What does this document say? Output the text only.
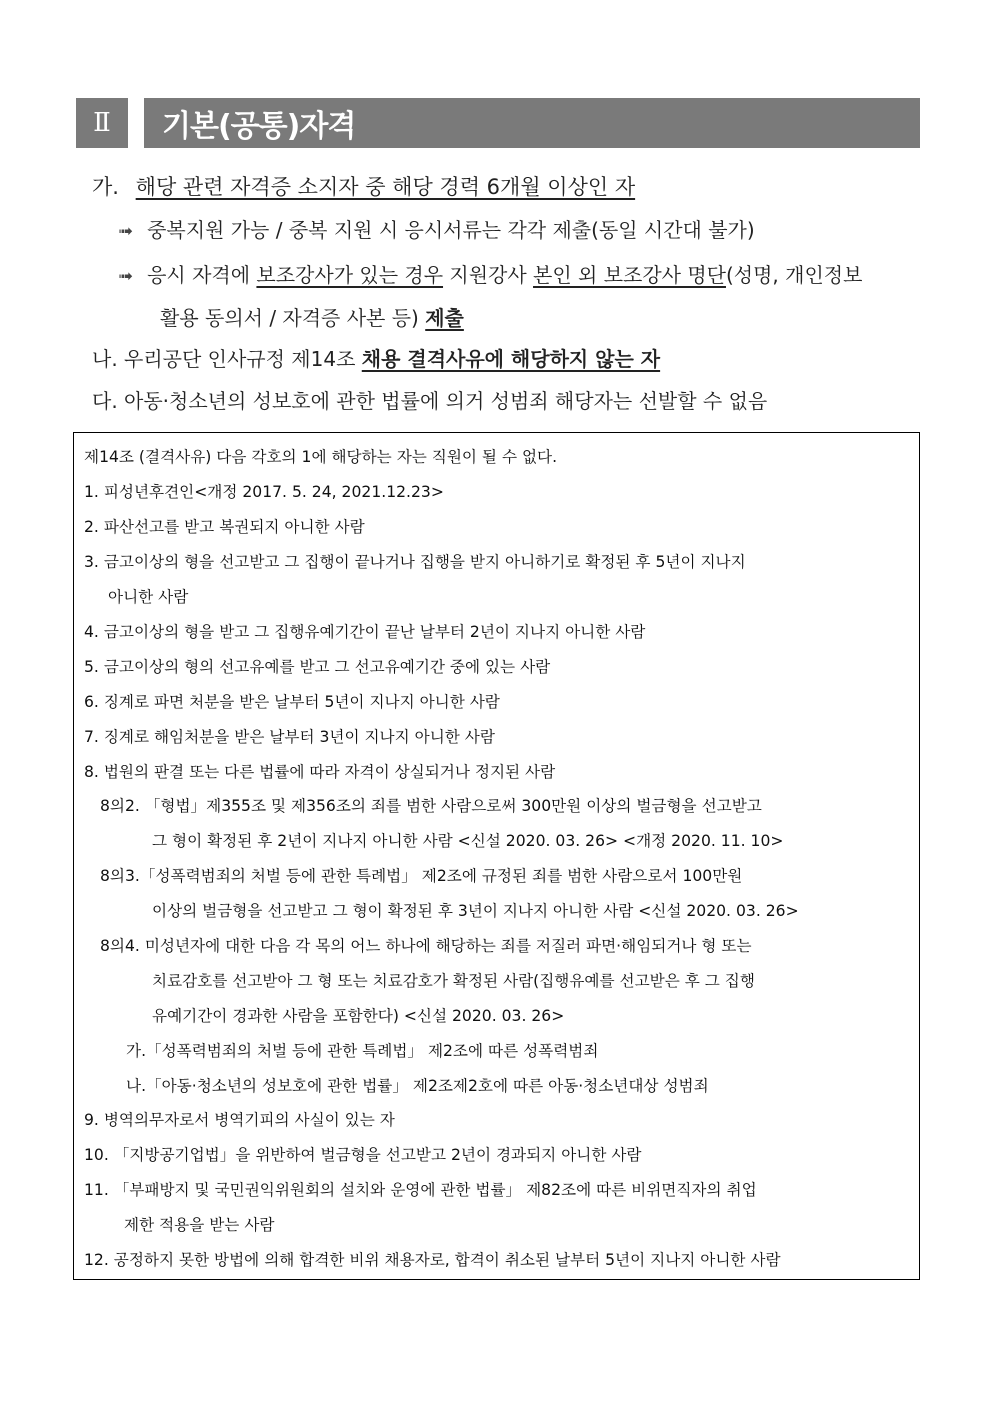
Ⅱ	기본(공통)자격
가. 해당 관련 자격증 소지자 중 해당 경력 6개월 이상인 자
➟ 중복지원 가능 / 중복 지원 시 응시서류는 각각 제출(동일 시간대 불가)
➟ 응시 자격에 보조강사가 있는 경우 지원강사 본인 외 보조강사 명단(성명, 개인정보
활용 동의서 / 자격증 사본 등) 제출
나. 우리공단 인사규정 제14조 채용 결격사유에 해당하지 않는 자
다. 아동·청소년의 성보호에 관한 법률에 의거 성범죄 해당자는 선발할 수 없음
제14조 (결격사유) 다음 각호의 1에 해당하는 자는 직원이 될 수 없다.
1. 피성년후견인<개정 2017. 5. 24, 2021.12.23>
2. 파산선고를 받고 복권되지 아니한 사람
3. 금고이상의 형을 선고받고 그 집행이 끝나거나 집행을 받지 아니하기로 확정된 후 5년이 지나지
아니한 사람
4. 금고이상의 형을 받고 그 집행유예기간이 끝난 날부터 2년이 지나지 아니한 사람
5. 금고이상의 형의 선고유예를 받고 그 선고유예기간 중에 있는 사람
6. 징계로 파면 처분을 받은 날부터 5년이 지나지 아니한 사람
7. 징계로 해임처분을 받은 날부터 3년이 지나지 아니한 사람
8. 법원의 판결 또는 다른 법률에 따라 자격이 상실되거나 정지된 사람
8의2. 「형법」제355조 및 제356조의 죄를 범한 사람으로써 300만원 이상의 벌금형을 선고받고
그 형이 확정된 후 2년이 지나지 아니한 사람 <신설 2020. 03. 26> <개정 2020. 11. 10>
8의3.「성폭력범죄의 처벌 등에 관한 특례법」 제2조에 규정된 죄를 범한 사람으로서 100만원
이상의 벌금형을 선고받고 그 형이 확정된 후 3년이 지나지 아니한 사람 <신설 2020. 03. 26>
8의4. 미성년자에 대한 다음 각 목의 어느 하나에 해당하는 죄를 저질러 파면·해임되거나 형 또는
치료감호를 선고받아 그 형 또는 치료감호가 확정된 사람(집행유예를 선고받은 후 그 집행
유예기간이 경과한 사람을 포함한다) <신설 2020. 03. 26>
가.「성폭력범죄의 처벌 등에 관한 특례법」 제2조에 따른 성폭력범죄
나.「아동·청소년의 성보호에 관한 법률」 제2조제2호에 따른 아동·청소년대상 성범죄
9. 병역의무자로서 병역기피의 사실이 있는 자
10. 「지방공기업법」을 위반하여 벌금형을 선고받고 2년이 경과되지 아니한 사람
11. 「부패방지 및 국민권익위원회의 설치와 운영에 관한 법률」 제82조에 따른 비위면직자의 취업
제한 적용을 받는 사람
12. 공정하지 못한 방법에 의해 합격한 비위 채용자로, 합격이 취소된 날부터 5년이 지나지 아니한 사람
